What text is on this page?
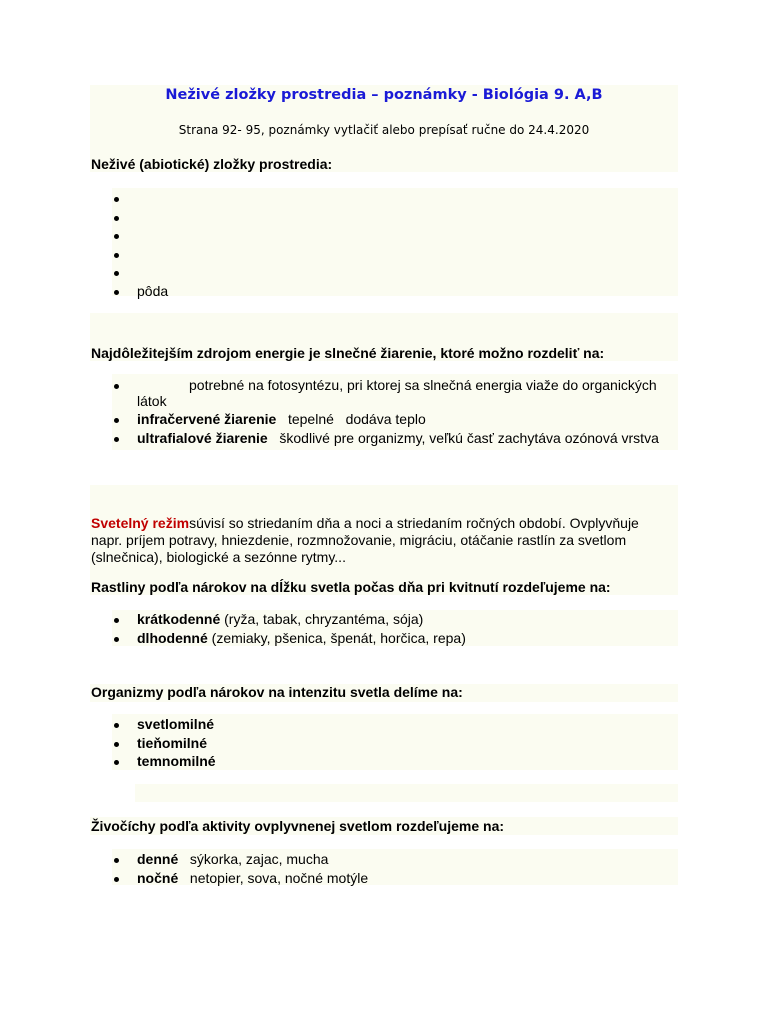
Neživé zložky prostredia – poznámky - Biológia 9. A,B
Strana 92- 95, poznámky vytlačiť alebo prepísať ručne do 24.4.2020
Neživé (abiotické) zložky prostredia:
pôda
Najdôležitejším zdrojom energie je slnečné žiarenie, ktoré možno rozdeliť na:
potrebné na fotosyntézu, pri ktorej sa slnečná energia viaže do organických
látok
infračervené žiarenie tepelné   dodáva teplo
ultrafialové žiarenie škodlivé pre organizmy, veľkú časť zachytáva ozónová vrstva
Svetelný režimsúvisí so striedaním dňa a noci a striedaním ročných období. Ovplyvňuje
napr. príjem potravy, hniezdenie, rozmnožovanie, migráciu, otáčanie rastlín za svetlom
(slnečnica), biologické a sezónne rytmy...
Rastliny podľa nárokov na dĺžku svetla počas dňa pri kvitnutí rozdeľujeme na:
krátkodenné (ryža, tabak, chryzantéma, sója)
dlhodenné (zemiaky, pšenica, špenát, horčica, repa)
Organizmy podľa nárokov na intenzitu svetla delíme na:
svetlomilné
tieňomilné
temnomilné
Živočíchy podľa aktivity ovplyvnenej svetlom rozdeľujeme na:
denné sýkorka, zajac, mucha
nočné netopier, sova, nočné motýle
